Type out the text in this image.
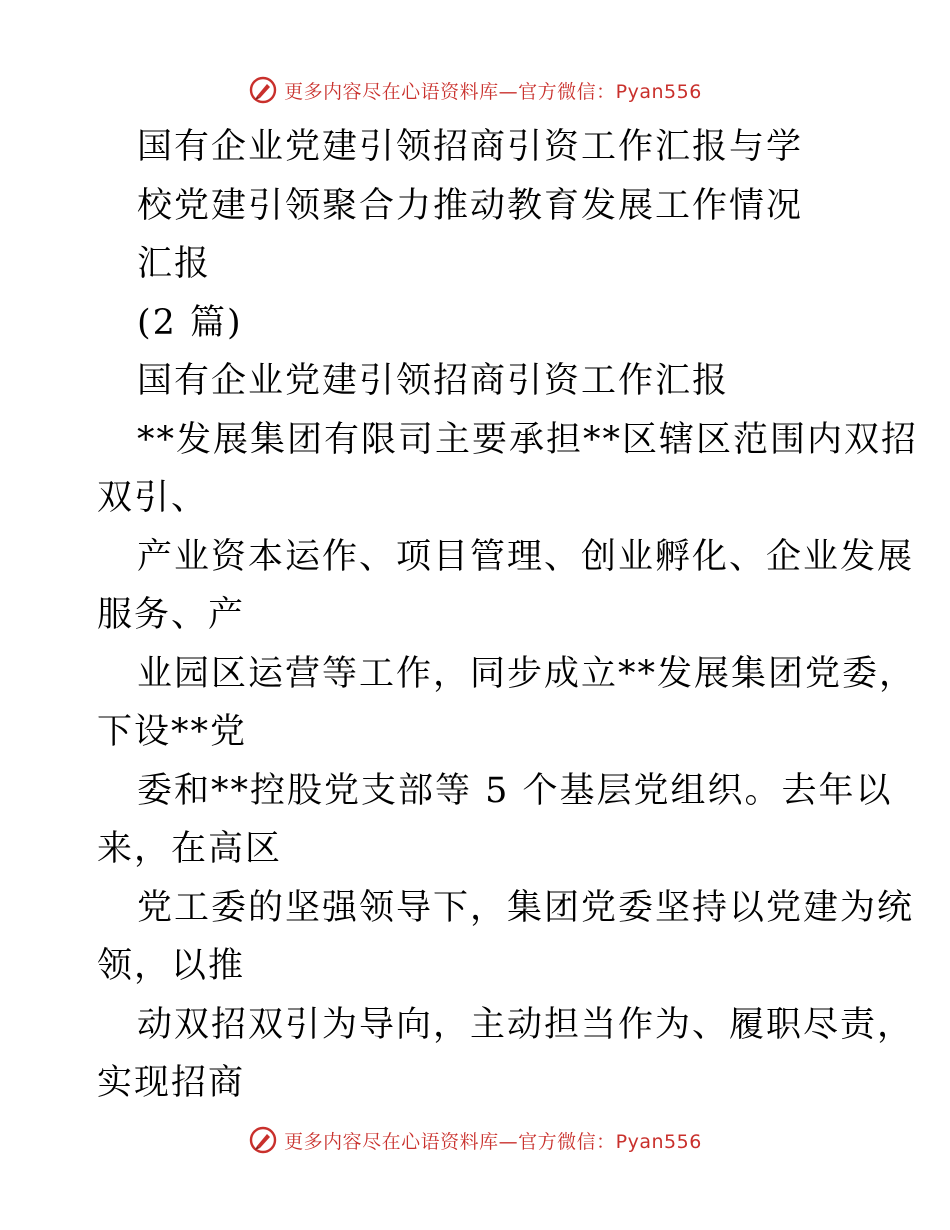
更多内容尽在心语资料库—官方微信：Pyan556
国有企业党建引领招商引资工作汇报与学
校党建引领聚合力推动教育发展工作情况
汇报
(2 篇)
国有企业党建引领招商引资工作汇报
**发展集团有限司主要承担**区辖区范围内双招
双引、
产业资本运作、项目管理、创业孵化、企业发展
服务、产
业园区运营等工作，同步成立**发展集团党委，
下设**党
委和**控股党支部等 5 个基层党组织。去年以
来，在高区
党工委的坚强领导下，集团党委坚持以党建为统
领，以推
动双招双引为导向，主动担当作为、履职尽责，
实现招商
更多内容尽在心语资料库—官方微信：Pyan556
